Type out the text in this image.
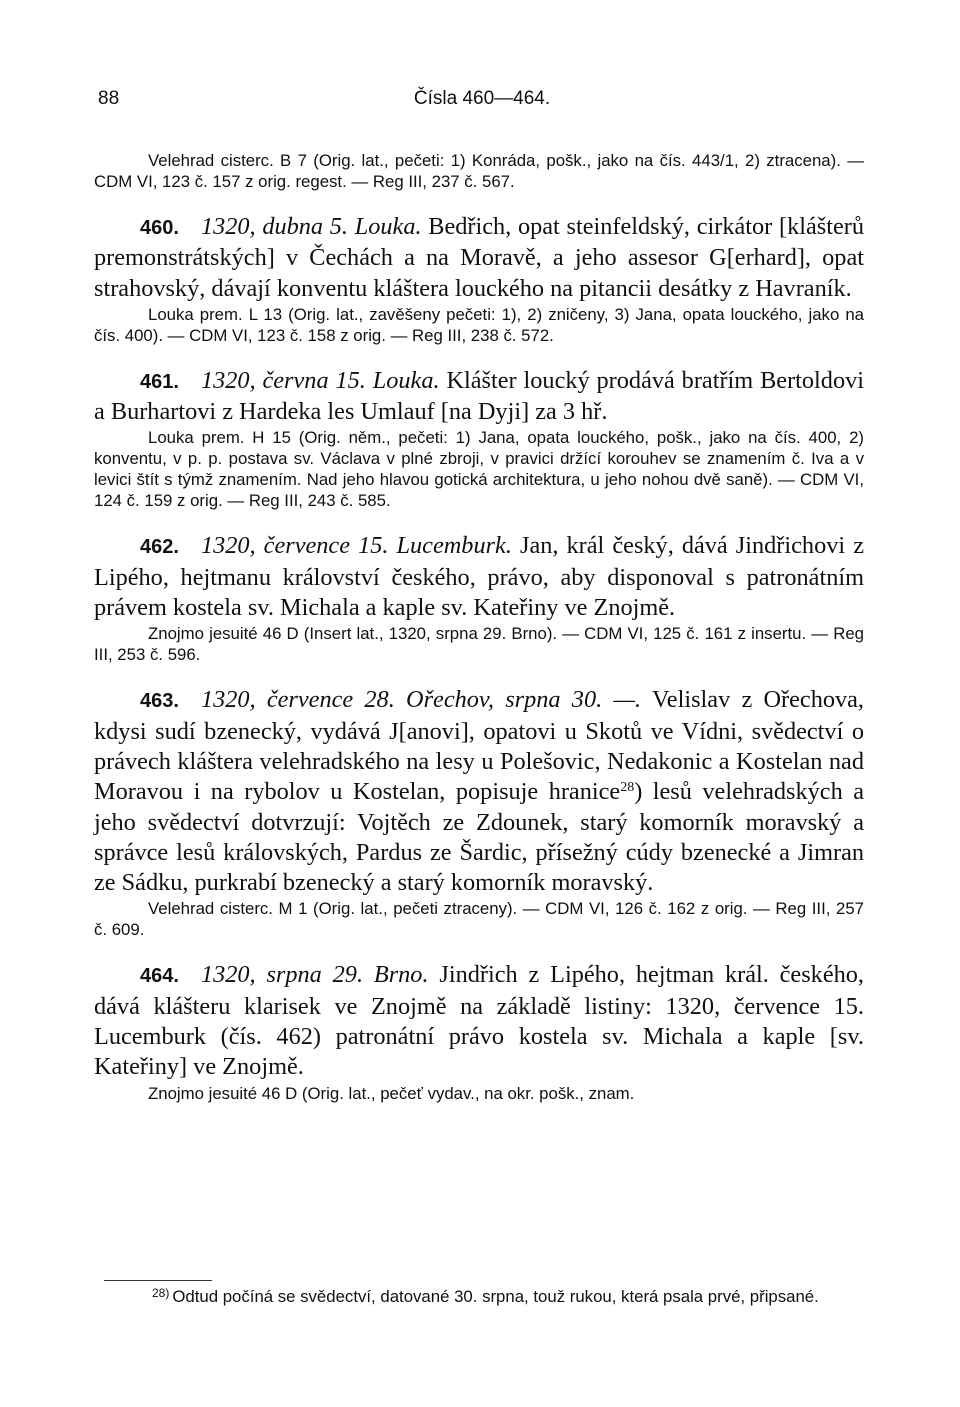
88	Čísla 460—464.

Velehrad cisterc. B 7 (Orig. lat., pečeti: 1) Konráda, pošk., jako na čís. 443/1, 2) ztracena). — CDM VI, 123 č. 157 z orig. regest. — Reg III, 237 č. 567.

460. 1320, dubna 5. Louka. Bedřich, opat steinfeldský, cirkátor [klášterů premonstrátských] v Čechách a na Moravě, a jeho assesor G[erhard], opat strahovský, dávají konventu kláštera louckého na pitancii desátky z Havraník.

Louka prem. L 13 (Orig. lat., zavěšeny pečeti: 1), 2) zničeny, 3) Jana, opata louckého, jako na čís. 400). — CDM VI, 123 č. 158 z orig. — Reg III, 238 č. 572.

461. 1320, června 15. Louka. Klášter loucký prodává bratřím Bertoldovi a Burhartovi z Hardeka les Umlauf [na Dyji] za 3 hř.

Louka prem. H 15 (Orig. něm., pečeti: 1) Jana, opata louckého, pošk., jako na čís. 400, 2) konventu, v p. p. postava sv. Václava v plné zbroji, v pravici držící korouhev se znamením č. Iva a v levici štít s týmž znamením. Nad jeho hlavou gotická architektura, u jeho nohou dvě saně). — CDM VI, 124 č. 159 z orig. — Reg III, 243 č. 585.

462. 1320, července 15. Lucemburk. Jan, král český, dává Jindřichovi z Lipého, hejtmanu království českého, právo, aby disponoval s patronátním právem kostela sv. Michala a kaple sv. Kateřiny ve Znojmě.

Znojmo jesuité 46 D (Insert lat., 1320, srpna 29. Brno). — CDM VI, 125 č. 161 z insertu. — Reg III, 253 č. 596.

463. 1320, července 28. Ořechov, srpna 30. —. Velislav z Ořechova, kdysi sudí bzenecký, vydává J[anovi], opatovi u Skotů ve Vídni, svědectví o právech kláštera velehradského na lesy u Polešovic, Nedakonic a Kostelan nad Moravou i na rybolov u Kostelan, popisuje hranice$^{28}$) lesů velehradských a jeho svědectví dotvrzují: Vojtěch ze Zdounek, starý komorník moravský a správce lesů královských, Pardus ze Šardic, přísežný cúdy bzenecké a Jimran ze Sádku, purkrabí bzenecký a starý komorník moravský.

Velehrad cisterc. M 1 (Orig. lat., pečeti ztraceny). — CDM VI, 126 č. 162 z orig. — Reg III, 257 č. 609.

464. 1320, srpna 29. Brno. Jindřich z Lipého, hejtman král. českého, dává klášteru klarisek ve Znojmě na základě listiny: 1320, července 15. Lucemburk (čís. 462) patronátní právo kostela sv. Michala a kaple [sv. Kateřiny] ve Znojmě.

Znojmo jesuité 46 D (Orig. lat., pečeť vydav., na okr. pošk., znam.

$^{28)}$ Odtud počíná se svědectví, datované 30. srpna, touž rukou, která psala prvé, připsané.
